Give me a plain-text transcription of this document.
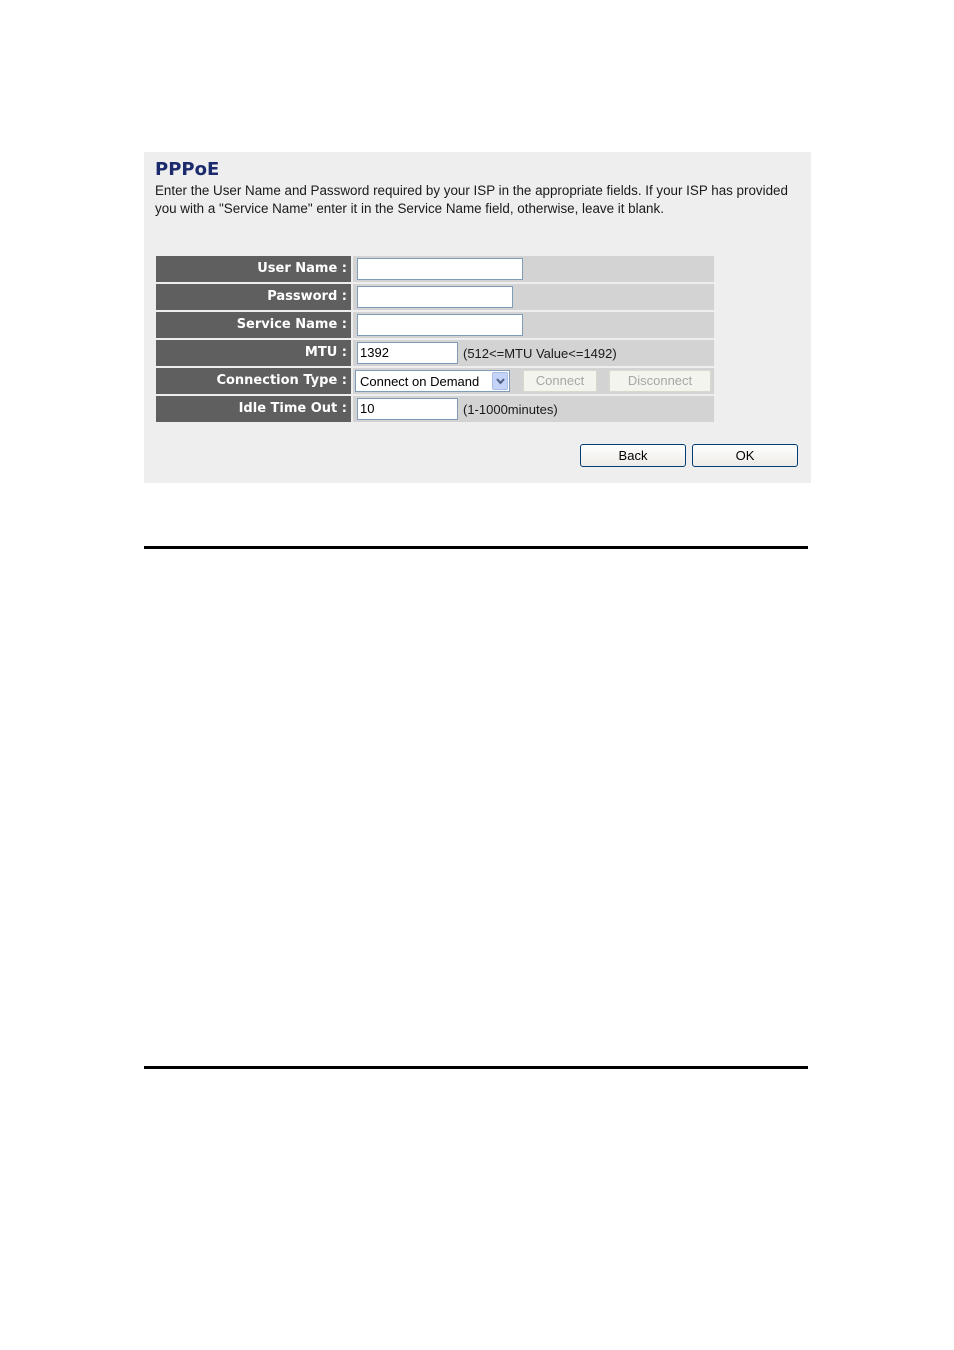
PPPoE
Enter the User Name and Password required by your ISP in the appropriate fields. If your ISP has provided you with a "Service Name" enter it in the Service Name field, otherwise, leave it blank.
User Name :
Password :
Service Name :
MTU :	1392	(512<=MTU Value<=1492)
Connection Type :	Connect on Demand	Connect	Disconnect
Idle Time Out :	10	(1-1000minutes)
Back	OK
